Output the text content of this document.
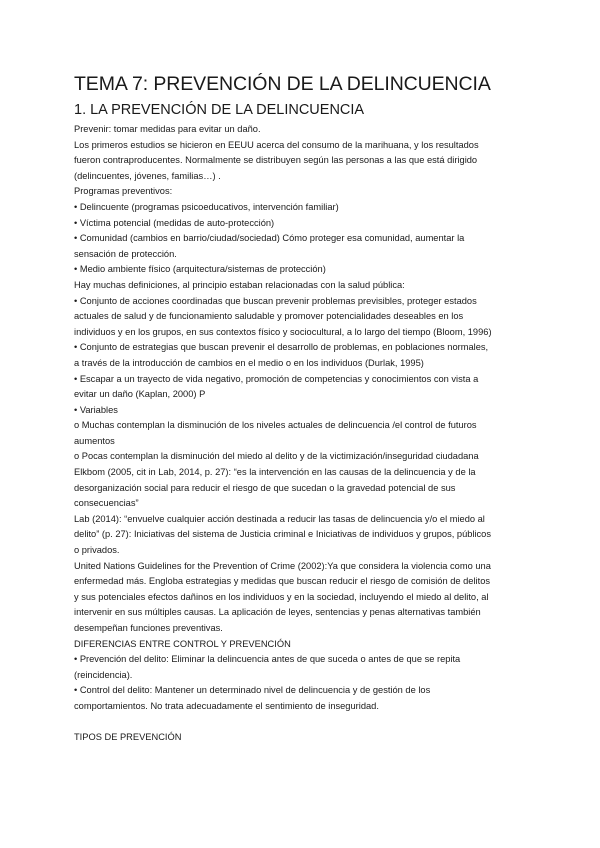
TEMA 7: PREVENCIÓN DE LA DELINCUENCIA
1. LA PREVENCIÓN DE LA DELINCUENCIA

Prevenir: tomar medidas para evitar un daño.

Los primeros estudios se hicieron en EEUU acerca del consumo de la marihuana, y los resultados

fueron contraproducentes. Normalmente se distribuyen según las personas a las que está dirigido

(delincuentes, jóvenes, familias…) .

Programas preventivos:

• Delincuente (programas psicoeducativos, intervención familiar)

• Víctima potencial (medidas de auto-protección)

• Comunidad (cambios en barrio/ciudad/sociedad) Cómo proteger esa comunidad, aumentar la

sensación de protección.

• Medio ambiente físico (arquitectura/sistemas de protección)

Hay muchas definiciones, al principio estaban relacionadas con la salud pública:

• Conjunto de acciones coordinadas que buscan prevenir problemas previsibles, proteger estados

actuales de salud y de funcionamiento saludable y promover potencialidades deseables en los

individuos y en los grupos, en sus contextos físico y sociocultural, a lo largo del tiempo (Bloom, 1996)

• Conjunto de estrategias que buscan prevenir el desarrollo de problemas, en poblaciones normales,

a través de la introducción de cambios en el medio o en los individuos (Durlak, 1995)

• Escapar a un trayecto de vida negativo, promoción de competencias y conocimientos con vista a

evitar un daño (Kaplan, 2000) P

• Variables

o Muchas contemplan la disminución de los niveles actuales de delincuencia /el control de futuros

aumentos

o Pocas contemplan la disminución del miedo al delito y de la victimización/inseguridad ciudadana

Elkbom (2005, cit in Lab, 2014, p. 27): “es la intervención en las causas de la delincuencia y de la

desorganización social para reducir el riesgo de que sucedan o la gravedad potencial de sus

consecuencias”

Lab (2014): “envuelve cualquier acción destinada a reducir las tasas de delincuencia y/o el miedo al

delito” (p. 27): Iniciativas del sistema de Justicia criminal e Iniciativas de individuos y grupos, públicos

o privados.

United Nations Guidelines for the Prevention of Crime (2002):Ya que considera la violencia como una

enfermedad más. Engloba estrategias y medidas que buscan reducir el riesgo de comisión de delitos

y sus potenciales efectos dañinos en los individuos y en la sociedad, incluyendo el miedo al delito, al

intervenir en sus múltiples causas. La aplicación de leyes, sentencias y penas alternativas también

desempeñan funciones preventivas.

DIFERENCIAS ENTRE CONTROL Y PREVENCIÓN

• Prevención del delito: Eliminar la delincuencia antes de que suceda o antes de que se repita

(reincidencia).

• Control del delito: Mantener un determinado nivel de delincuencia y de gestión de los

comportamientos. No trata adecuadamente el sentimiento de inseguridad.

TIPOS DE PREVENCIÓN
